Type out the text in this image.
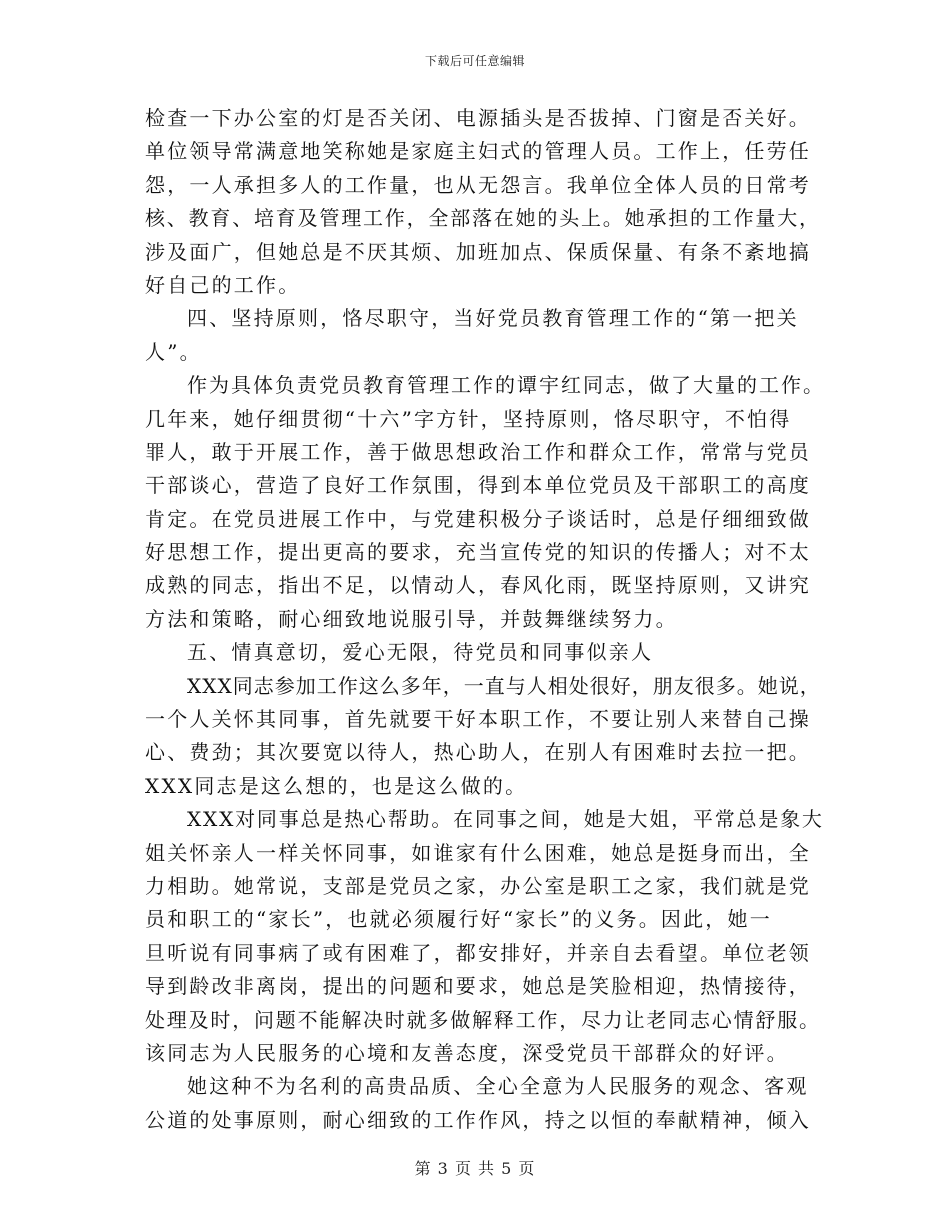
下载后可任意编辑
检查一下办公室的灯是否关闭、电源插头是否拔掉、门窗是否关好。
单位领导常满意地笑称她是家庭主妇式的管理人员。工作上，任劳任
怨，一人承担多人的工作量，也从无怨言。我单位全体人员的日常考
核、教育、培育及管理工作，全部落在她的头上。她承担的工作量大，
涉及面广，但她总是不厌其烦、加班加点、保质保量、有条不紊地搞
好自己的工作。
四、坚持原则，恪尽职守，当好党员教育管理工作的“第一把关
人”。
作为具体负责党员教育管理工作的谭宇红同志，做了大量的工作。
几年来，她仔细贯彻“十六”字方针，坚持原则，恪尽职守，不怕得
罪人，敢于开展工作，善于做思想政治工作和群众工作，常常与党员
干部谈心，营造了良好工作氛围，得到本单位党员及干部职工的高度
肯定。在党员进展工作中，与党建积极分子谈话时，总是仔细细致做
好思想工作，提出更高的要求，充当宣传党的知识的传播人；对不太
成熟的同志，指出不足，以情动人，春风化雨，既坚持原则，又讲究
方法和策略，耐心细致地说服引导，并鼓舞继续努力。
五、情真意切，爱心无限，待党员和同事似亲人
XXX同志参加工作这么多年，一直与人相处很好，朋友很多。她说，
一个人关怀其同事，首先就要干好本职工作，不要让别人来替自己操
心、费劲；其次要宽以待人，热心助人，在别人有困难时去拉一把。
XXX同志是这么想的，也是这么做的。
XXX对同事总是热心帮助。在同事之间，她是大姐，平常总是象大
姐关怀亲人一样关怀同事，如谁家有什么困难，她总是挺身而出，全
力相助。她常说，支部是党员之家，办公室是职工之家，我们就是党
员和职工的“家长”，也就必须履行好“家长”的义务。因此，她一
旦听说有同事病了或有困难了，都安排好，并亲自去看望。单位老领
导到龄改非离岗，提出的问题和要求，她总是笑脸相迎，热情接待，
处理及时，问题不能解决时就多做解释工作，尽力让老同志心情舒服。
该同志为人民服务的心境和友善态度，深受党员干部群众的好评。
她这种不为名利的高贵品质、全心全意为人民服务的观念、客观
公道的处事原则，耐心细致的工作作风，持之以恒的奉献精神，倾入
第 3 页 共 5 页
